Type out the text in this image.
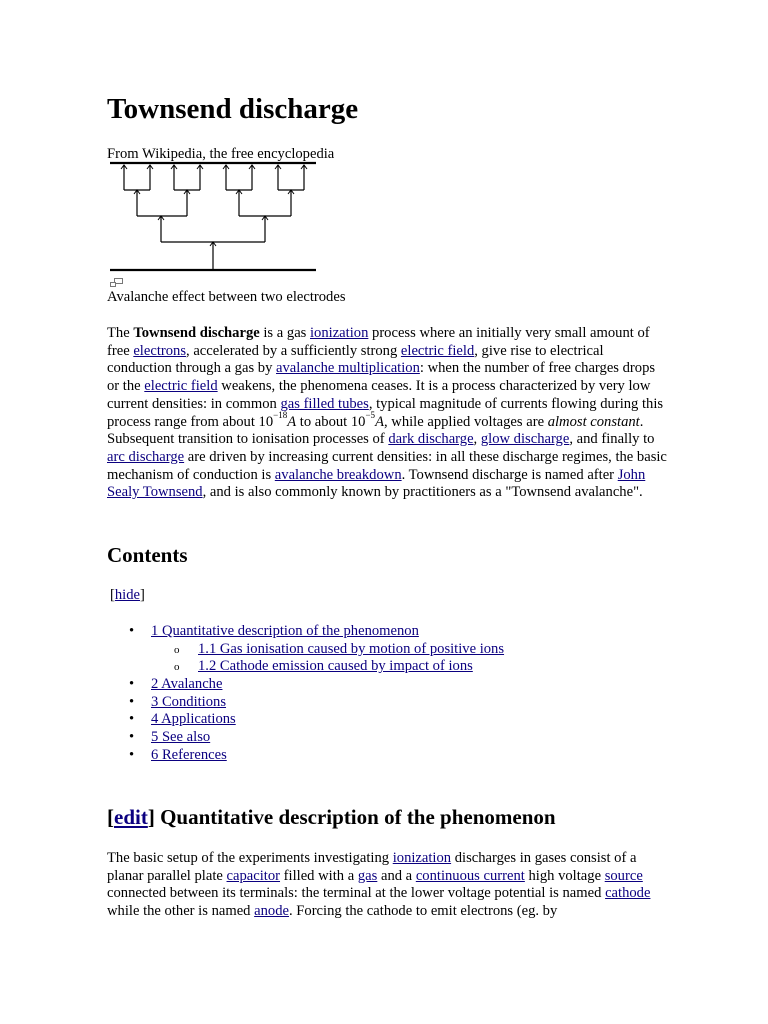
Townsend discharge

From Wikipedia, the free encyclopedia

Avalanche effect between two electrodes

The Townsend discharge is a gas ionization process where an initially very small amount of free electrons, accelerated by a sufficiently strong electric field, give rise to electrical conduction through a gas by avalanche multiplication: when the number of free charges drops or the electric field weakens, the phenomena ceases. It is a process characterized by very low current densities: in common gas filled tubes, typical magnitude of currents flowing during this process range from about $10^{-18}A$ to about $10^{-5}A$, while applied voltages are almost constant. Subsequent transition to ionisation processes of dark discharge, glow discharge, and finally to arc discharge are driven by increasing current densities: in all these discharge regimes, the basic mechanism of conduction is avalanche breakdown. Townsend discharge is named after John Sealy Townsend, and is also commonly known by practitioners as a "Townsend avalanche".

Contents

[hide]

• 1 Quantitative description of the phenomenon
o 1.1 Gas ionisation caused by motion of positive ions
o 1.2 Cathode emission caused by impact of ions
• 2 Avalanche
• 3 Conditions
• 4 Applications
• 5 See also
• 6 References
[edit] Quantitative description of the phenomenon

The basic setup of the experiments investigating ionization discharges in gases consist of a planar parallel plate capacitor filled with a gas and a continuous current high voltage source connected between its terminals: the terminal at the lower voltage potential is named cathode while the other is named anode. Forcing the cathode to emit electrons (eg. by
